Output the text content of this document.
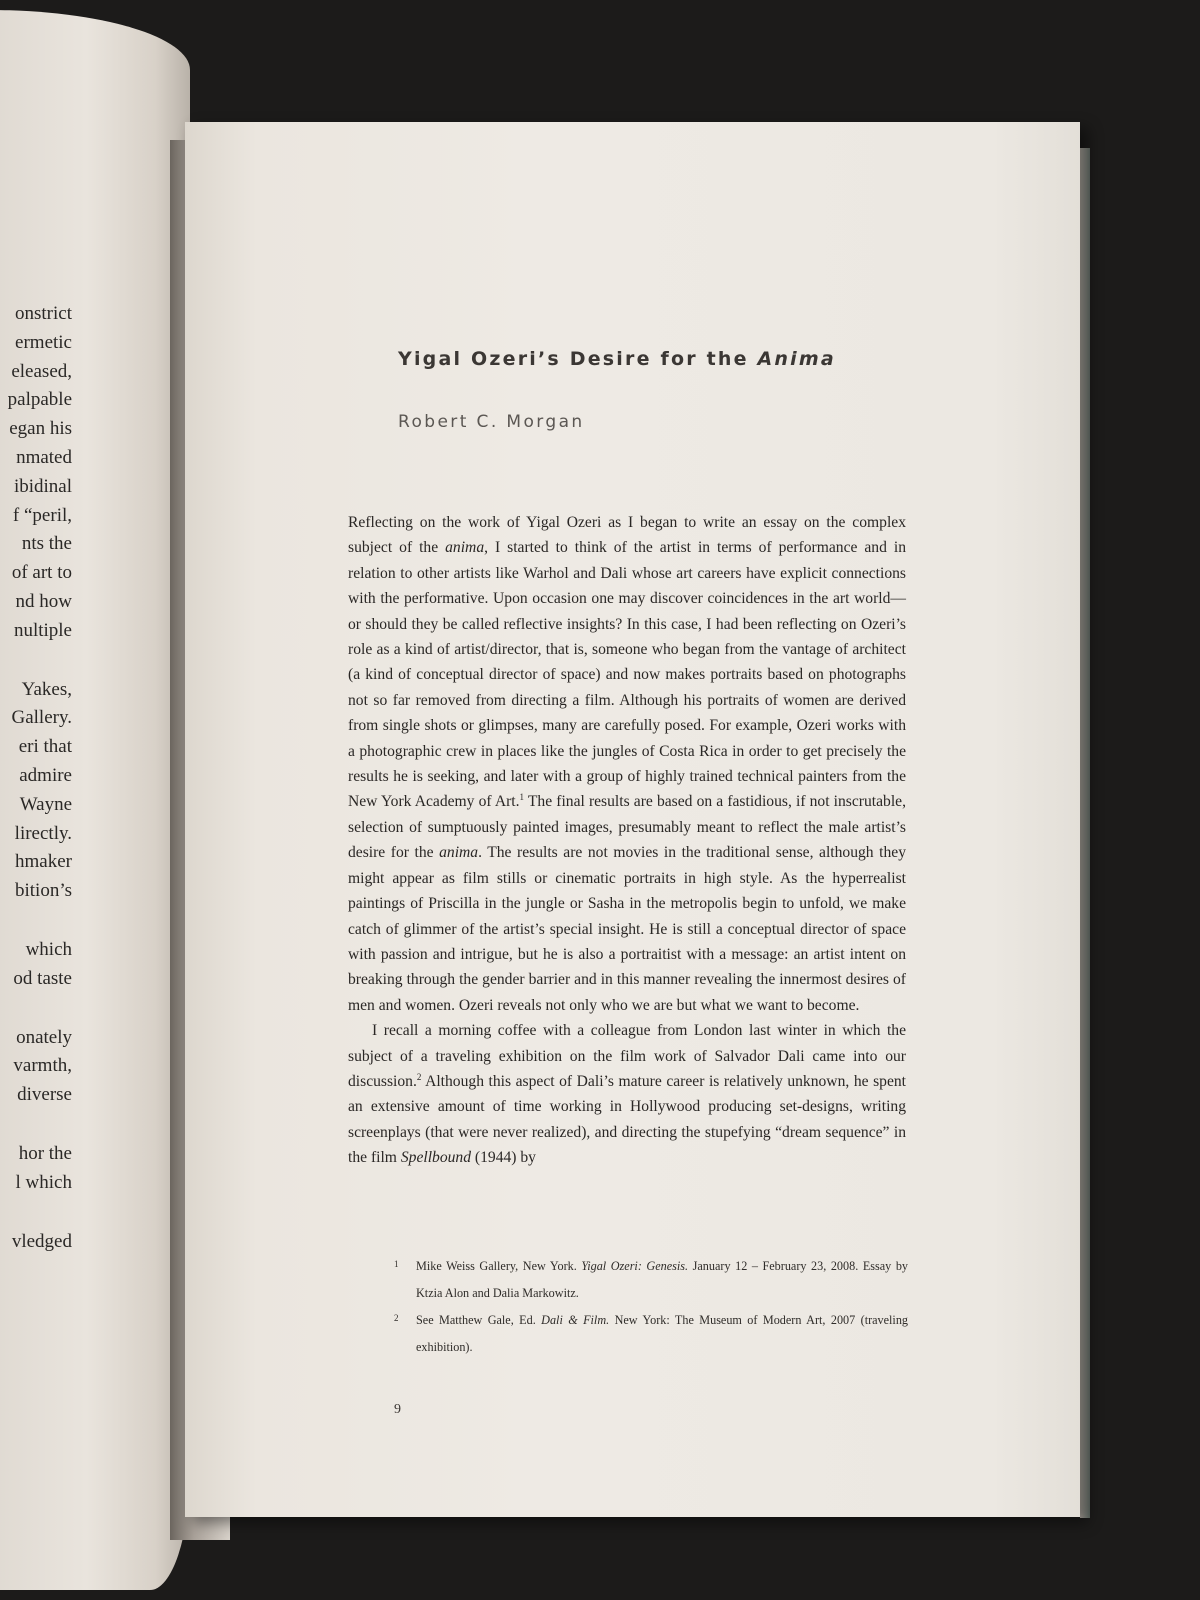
onstrict
ermetic
eleased,
palpable
egan his
nmated
ibidinal
f “peril,
nts the
of art to
nd how
nultiple
Yakes,
Gallery.
eri that
admire
Wayne
lirectly.
hmaker
bition’s
which
od taste
onately
varmth,
diverse
hor the
l which
vledged
Yigal Ozeri’s Desire for the Anima
Robert C. Morgan

Reflecting on the work of Yigal Ozeri as I began to write an essay on the complex subject of the anima, I started to think of the artist in terms of performance and in relation to other artists like Warhol and Dali whose art careers have explicit connections with the performative. Upon occasion one may discover coincidences in the art world—or should they be called reflective insights? In this case, I had been reflecting on Ozeri’s role as a kind of artist/director, that is, someone who began from the vantage of architect (a kind of conceptual director of space) and now makes portraits based on photographs not so far removed from directing a film. Although his portraits of women are derived from single shots or glimpses, many are carefully posed. For example, Ozeri works with a photographic crew in places like the jungles of Costa Rica in order to get precisely the results he is seeking, and later with a group of highly trained technical painters from the New York Academy of Art.$^1$ The final results are based on a fastidious, if not inscrutable, selection of sumptuously painted images, presumably meant to reflect the male artist’s desire for the anima. The results are not movies in the traditional sense, although they might appear as film stills or cinematic portraits in high style. As the hyperrealist paintings of Priscilla in the jungle or Sasha in the metropolis begin to unfold, we make catch of glimmer of the artist’s special insight. He is still a conceptual director of space with passion and intrigue, but he is also a portraitist with a message: an artist intent on breaking through the gender barrier and in this manner revealing the innermost desires of men and women. Ozeri reveals not only who we are but what we want to become.

I recall a morning coffee with a colleague from London last winter in which the subject of a traveling exhibition on the film work of Salvador Dali came into our discussion.$^2$ Although this aspect of Dali’s mature career is relatively unknown, he spent an extensive amount of time working in Hollywood producing set-designs, writing screenplays (that were never realized), and directing the stupefying “dream sequence” in the film Spellbound (1944) by

1 Mike Weiss Gallery, New York. Yigal Ozeri: Genesis. January 12 – February 23, 2008. Essay by Ktzia Alon and Dalia Markowitz.
2 See Matthew Gale, Ed. Dali & Film. New York: The Museum of Modern Art, 2007 (traveling exhibition).
9
